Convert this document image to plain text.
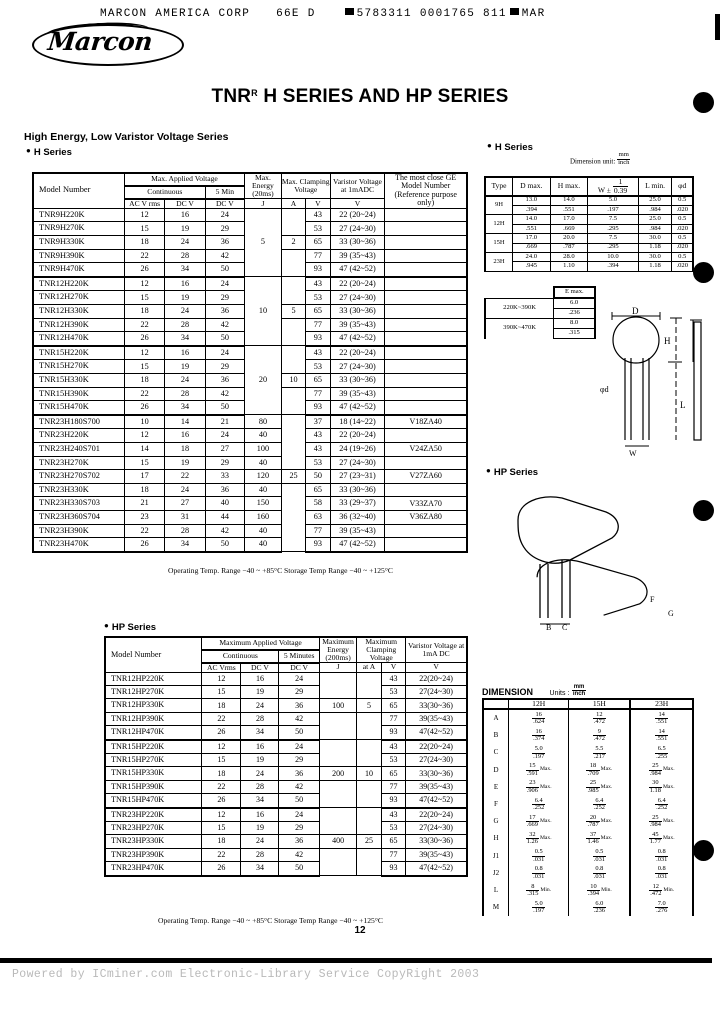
MARCON AMERICA CORP 66E D	5783311 0001765 811 MAR
Marcon
$TNR^R$ H SERIES AND HP SERIES
High Energy, Low Varistor Voltage Series
● H Series
Model Number	Max. Applied Voltage			Max. Energy (20ms)	Max. Clamping Voltage		Varistor Voltage at 1mADC	The most close GE Model Number (Reference purpose only)
	Continuous		5 Min					
	AC V rms	DC V	DC V	J	A	V	V	
TNR9H220K	12	16	24	5		43	22 (20~24)	
TNR9H270K	15	19	29			53	27 (24~30)	
TNR9H330K	18	24	36		2	65	33 (30~36)	
TNR9H390K	22	28	42			77	39 (35~43)	
TNR9H470K	26	34	50			93	47 (42~52)	
TNR12H220K	12	16	24	10		43	22 (20~24)	
TNR12H270K	15	19	29			53	27 (24~30)	
TNR12H330K	18	24	36		5	65	33 (30~36)	
TNR12H390K	22	28	42			77	39 (35~43)	
TNR12H470K	26	34	50			93	47 (42~52)	
TNR15H220K	12	16	24	20		43	22 (20~24)	
TNR15H270K	15	19	29			53	27 (24~30)	
TNR15H330K	18	24	36		10	65	33 (30~36)	
TNR15H390K	22	28	42			77	39 (35~43)	
TNR15H470K	26	34	50			93	47 (42~52)	
TNR23H180S700	10	14	21	80		37	18 (14~22)	V18ZA40
TNR23H220K	12	16	24	40		43	22 (20~24)	
TNR23H240S701	14	18	27	100		43	24 (19~26)	V24ZA50
TNR23H270K	15	19	29	40		53	27 (24~30)	
TNR23H270S702	17	22	33	120	25	50	27 (23~31)	V27ZA60
TNR23H330K	18	24	36	40		65	33 (30~36)	
TNR23H330S703	21	27	40	150		58	33 (29~37)	V33ZA70
TNR23H360S704	23	31	44	160		63	36 (32~40)	V36ZA80
TNR23H390K	22	28	42	40		77	39 (35~43)	
TNR23H470K	26	34	50	40		93	47 (42~52)	
Operating Temp. Range −40 ~ +85°C Storage Temp Range −40 ~ +125°C
● H Series
Dimension unit: $\frac{mm}{\text{inch}}$
Type	D max.	H max.	$W \pm \frac{1}{0.39}$	L min.	φd
9H	13.0	14.0	5.0	25.0	0.5
	.394	.551	.197	.984	.020
12H	14.0	17.0	7.5	25.0	0.5
	.551	.669	.295	.984	.020
15H	17.0	20.0	7.5	30.0	0.5
	.669	.787	.295	1.18	.020
23H	24.0	28.0	10.0	30.0	0.5
	.945	1.10	.394	1.18	.020
	E max.
220K~390K	6.0
	.236
390K~470K	8.0
	.315
D
H
L
φd
W
● HP Series
B C
G
F
● HP Series
Model Number	Maximum Applied Voltage			Maximum Energy (200ms)	Maximum Clamping Voltage		Varistor Voltage at 1mA DC
	Continuous		5 Minutes				
	AC Vrms	DC V	DC V	J	at A	V	V
TNR12HP220K	12	16	24			43	22(20~24)
TNR12HP270K	15	19	29			53	27(24~30)
TNR12HP330K	18	24	36	100	5	65	33(30~36)
TNR12HP390K	22	28	42			77	39(35~43)
TNR12HP470K	26	34	50			93	47(42~52)
TNR15HP220K	12	16	24			43	22(20~24)
TNR15HP270K	15	19	29			53	27(24~30)
TNR15HP330K	18	24	36	200	10	65	33(30~36)
TNR15HP390K	22	28	42			77	39(35~43)
TNR15HP470K	26	34	50			93	47(42~52)
TNR23HP220K	12	16	24			43	22(20~24)
TNR23HP270K	15	19	29			53	27(24~30)
TNR23HP330K	18	24	36	400	25	65	33(30~36)
TNR23HP390K	22	28	42			77	39(35~43)
TNR23HP470K	26	34	50			93	47(42~52)
Operating Temp. Range −40 ~ +85°C Storage Temp Range −40 ~ +125°C
DIMENSION Units : $\frac{mm}{\text{inch}}$
	12H	15H	23H
A	$\frac{16}{.624}$	$\frac{12}{.472}$	$\frac{14}{.551}$

B	$\frac{16}{.374}$	$\frac{9}{.472}$	$\frac{14}{.551}$

C	$\frac{5.0}{.197}$	$\frac{5.5}{.217}$	$\frac{6.5}{.255}$

D	$\frac{15}{.591}$ Max.	$\frac{18}{.709}$ Max.	$\frac{25}{.984}$ Max.
E	$\frac{23}{.906}$ Max.	$\frac{25}{.985}$ Max.	$\frac{30}{1.18}$ Max.
F	$\frac{6.4}{.252}$	$\frac{6.4}{.252}$	$\frac{6.4}{.252}$

G	$\frac{17}{.669}$ Max.	$\frac{20}{.787}$ Max.	$\frac{25}{.984}$ Max.
H	$\frac{32}{1.26}$ Max.	$\frac{37}{1.46}$ Max.	$\frac{45}{1.77}$ Max.
J1	$\frac{0.5}{.031}$	$\frac{0.5}{.031}$	$\frac{0.8}{.031}$

J2	$\frac{0.8}{.031}$	$\frac{0.8}{.031}$	$\frac{0.8}{.031}$

L	$\frac{8}{.315}$ Min.	$\frac{10}{.394}$ Min.	$\frac{12}{.472}$ Min.
M	$\frac{5.0}{.197}$	$\frac{6.0}{.236}$	$\frac{7.0}{.276}$
12
Powered by ICminer.com Electronic-Library Service CopyRight 2003
